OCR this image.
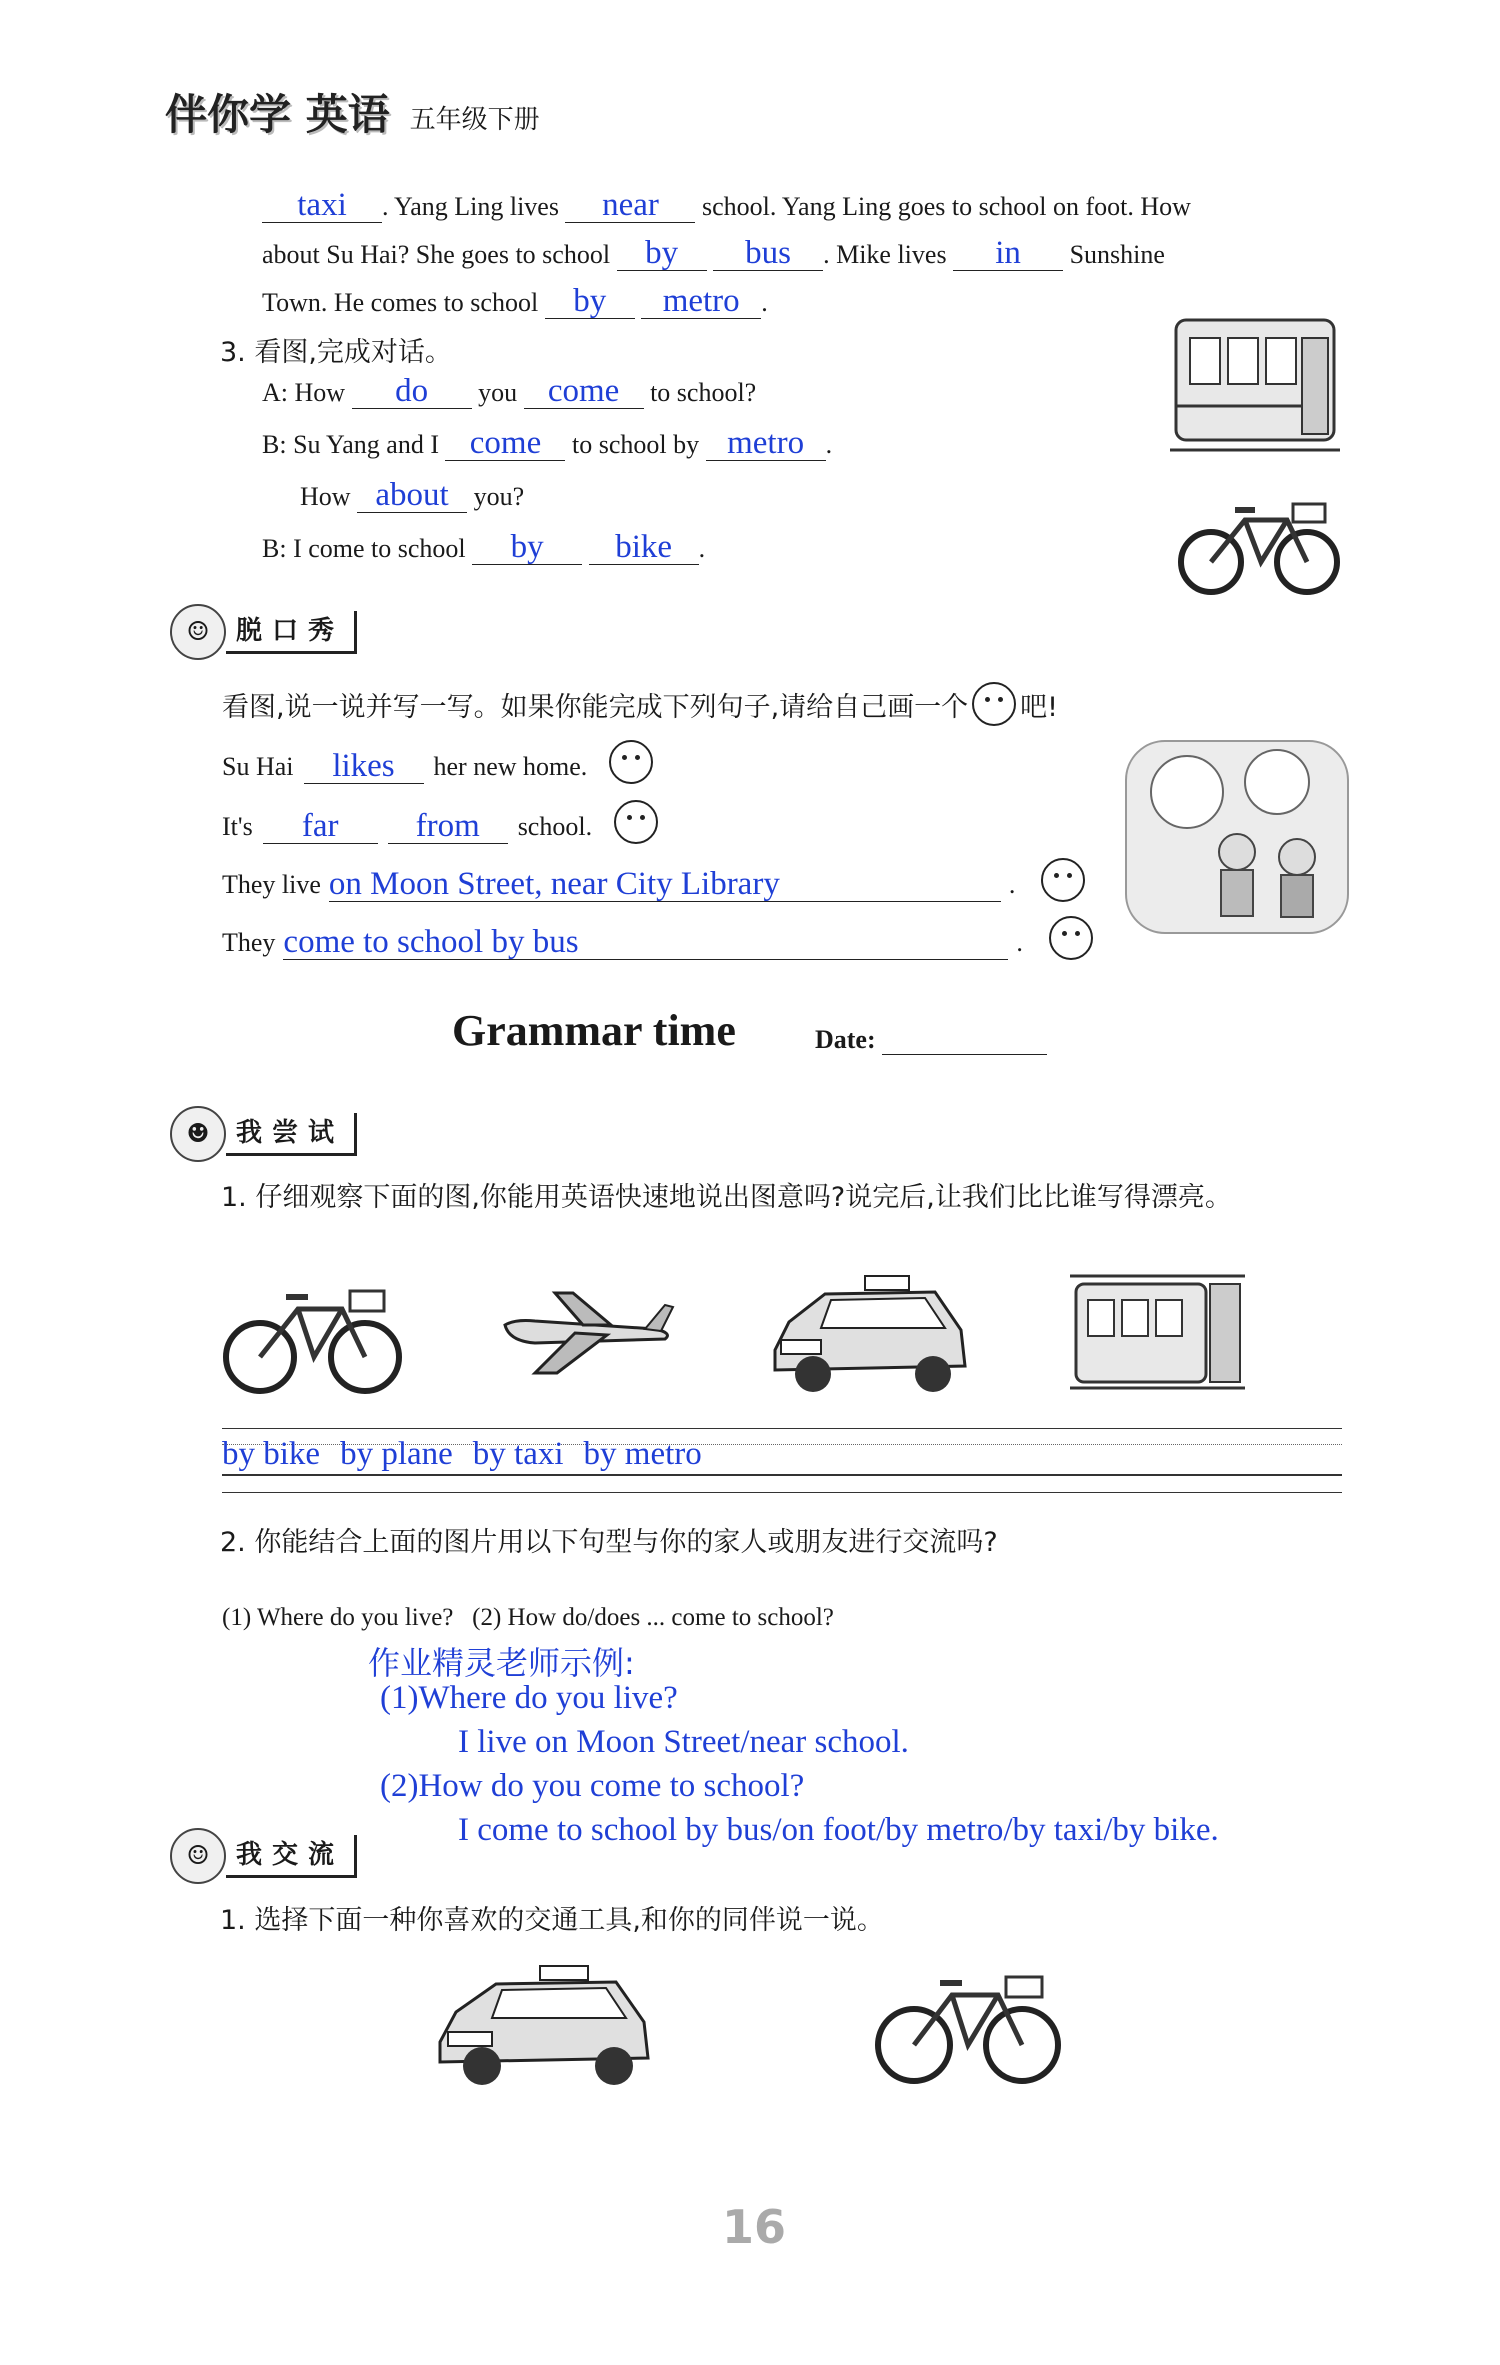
伴你学 英语 五年级下册
taxi . Yang Ling lives near school. Yang Ling goes to school on foot. How
about Su Hai? She goes to school by bus . Mike lives in Sunshine
Town. He comes to school by metro .
3. 看图,完成对话。
A: How do you come to school?
B: Su Yang and I come to school by metro .
How about you?
B: I come to school by bike .
☺	脱口秀
看图,说一说并写一写。如果你能完成下列句子,请给自己画一个 吧!
Su Hai	likes	her new home.
It's	far	from	school.
They live on Moon Street, near City Library	.
They come to school by bus	.
Grammar time	Date:
☻	我尝试
1. 仔细观察下面的图,你能用英语快速地说出图意吗?说完后,让我们比比谁写得漂亮。
by bike by plane by taxi by metro
2. 你能结合上面的图片用以下句型与你的家人或朋友进行交流吗?
(1) Where do you live?   (2) How do/does ... come to school?
作业精灵老师示例:
(1)Where do you live?
I live on Moon Street/near school.
(2)How do you come to school?
I come to school by bus/on foot/by metro/by taxi/by bike.
☺	我交流
1. 选择下面一种你喜欢的交通工具,和你的同伴说一说。
16
